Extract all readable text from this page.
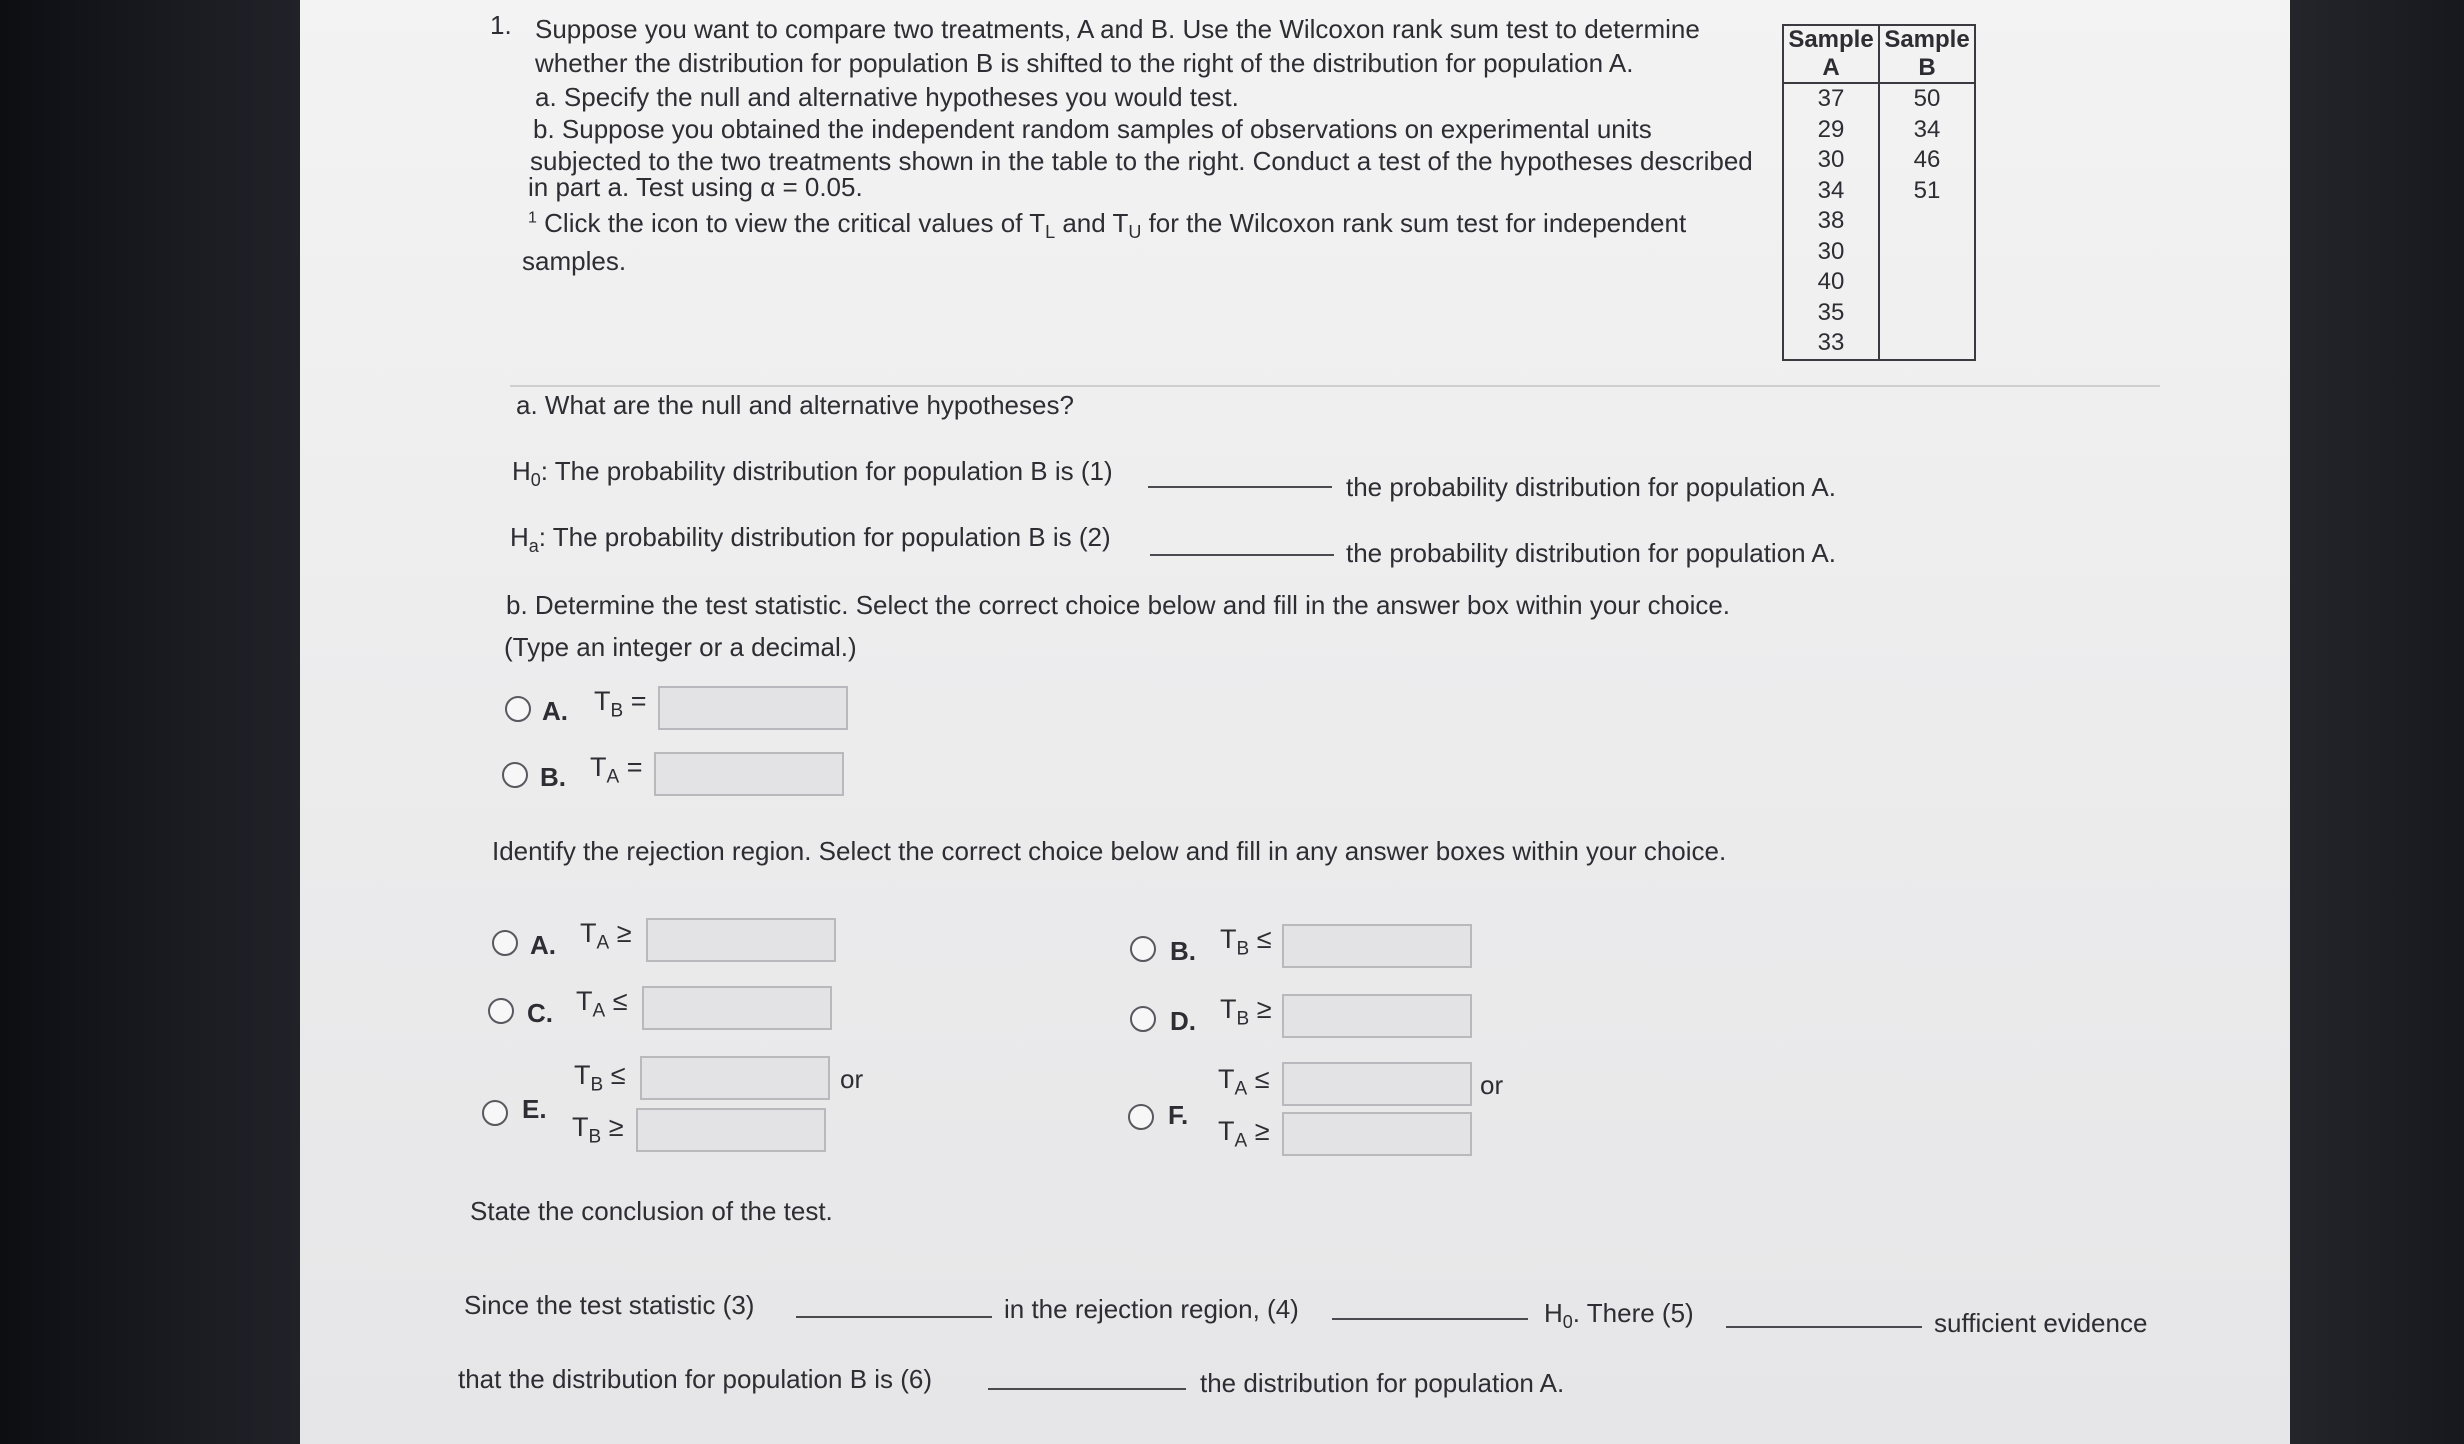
1. Suppose you want to compare two treatments, A and B. Use the Wilcoxon rank sum test to determine
whether the distribution for population B is shifted to the right of the distribution for population A.
a. Specify the null and alternative hypotheses you would test.
b. Suppose you obtained the independent random samples of observations on experimental units
subjected to the two treatments shown in the table to the right. Conduct a test of the hypotheses described
in part a. Test using α = 0.05.
$^1$ Click the icon to view the critical values of $T_L$ and $T_U$ for the Wilcoxon rank sum test for independent
samples.
Sample	Sample
A	B
37	50
29	34
30	46
34	51
38	
30	
40	
35	
33	
a. What are the null and alternative hypotheses?
$H_0$: The probability distribution for population B is (1)
the probability distribution for population A.
$H_a$: The probability distribution for population B is (2)
the probability distribution for population A.
b. Determine the test statistic. Select the correct choice below and fill in the answer box within your choice.
(Type an integer or a decimal.)
A. $T_B$ =
B. $T_A$ =
Identify the rejection region. Select the correct choice below and fill in any answer boxes within your choice.
A. $T_A$ ≥
B. $T_B$ ≤
C. $T_A$ ≤
D. $T_B$ ≥
E.
$T_B$ ≤	or
$T_B$ ≥	F.
$T_A$ ≤	or
$T_A$ ≥
State the conclusion of the test.
Since the test statistic (3)	in the rejection region, (4)	$H_0$. There (5)	sufficient evidence
that the distribution for population B is (6)	the distribution for population A.
